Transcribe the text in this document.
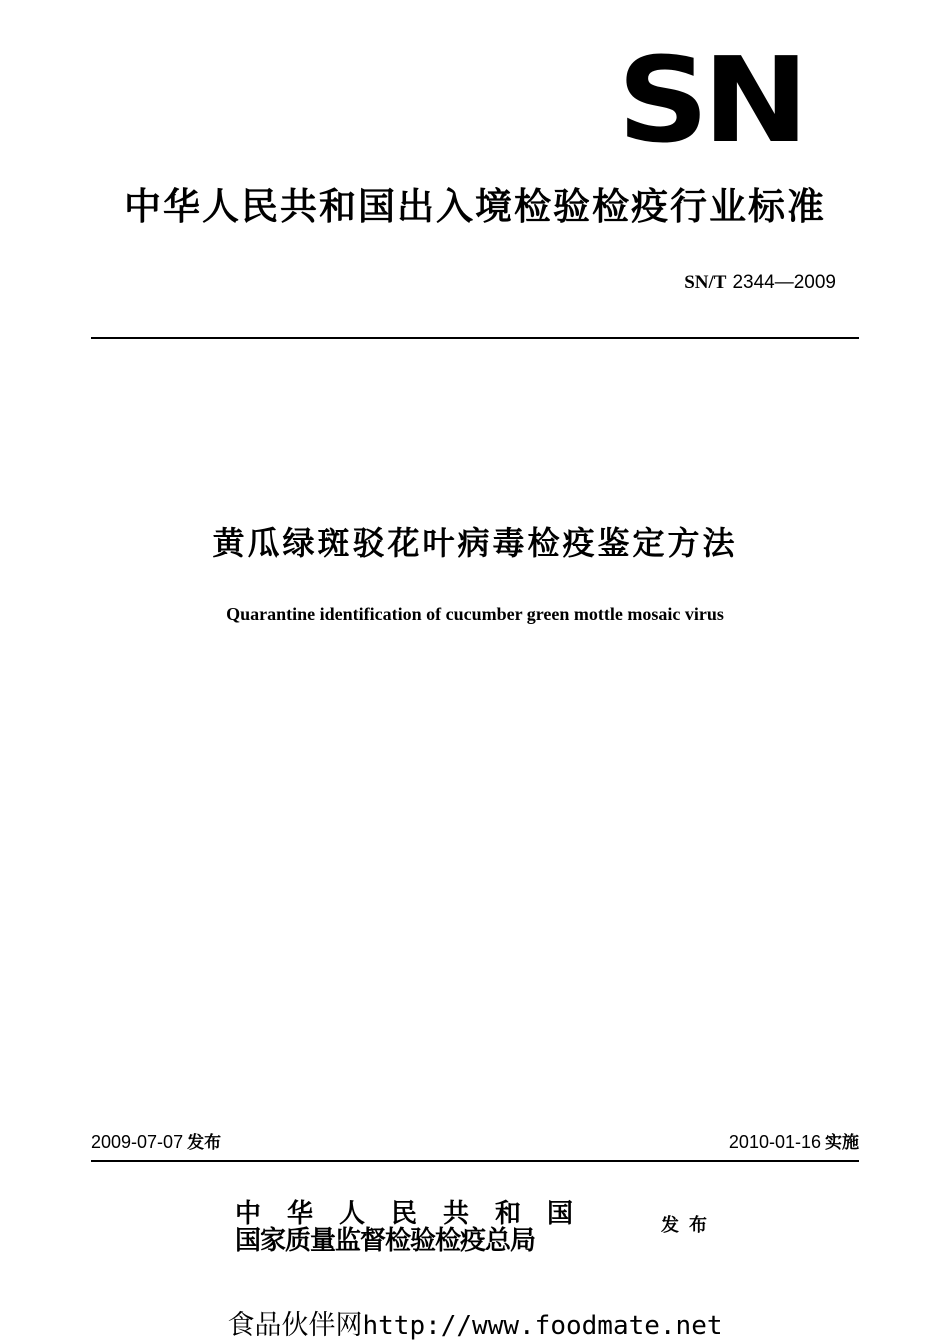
SN
中华人民共和国出入境检验检疫行业标准
SN/T 2344—2009
黄瓜绿斑驳花叶病毒检疫鉴定方法
Quarantine identification of cucumber green mottle mosaic virus
2009-07-07 发布	2010-01-16 实施
中华人民共和国
国家质量监督检验检疫总局
发布
食品伙伴网http://www.foodmate.net
